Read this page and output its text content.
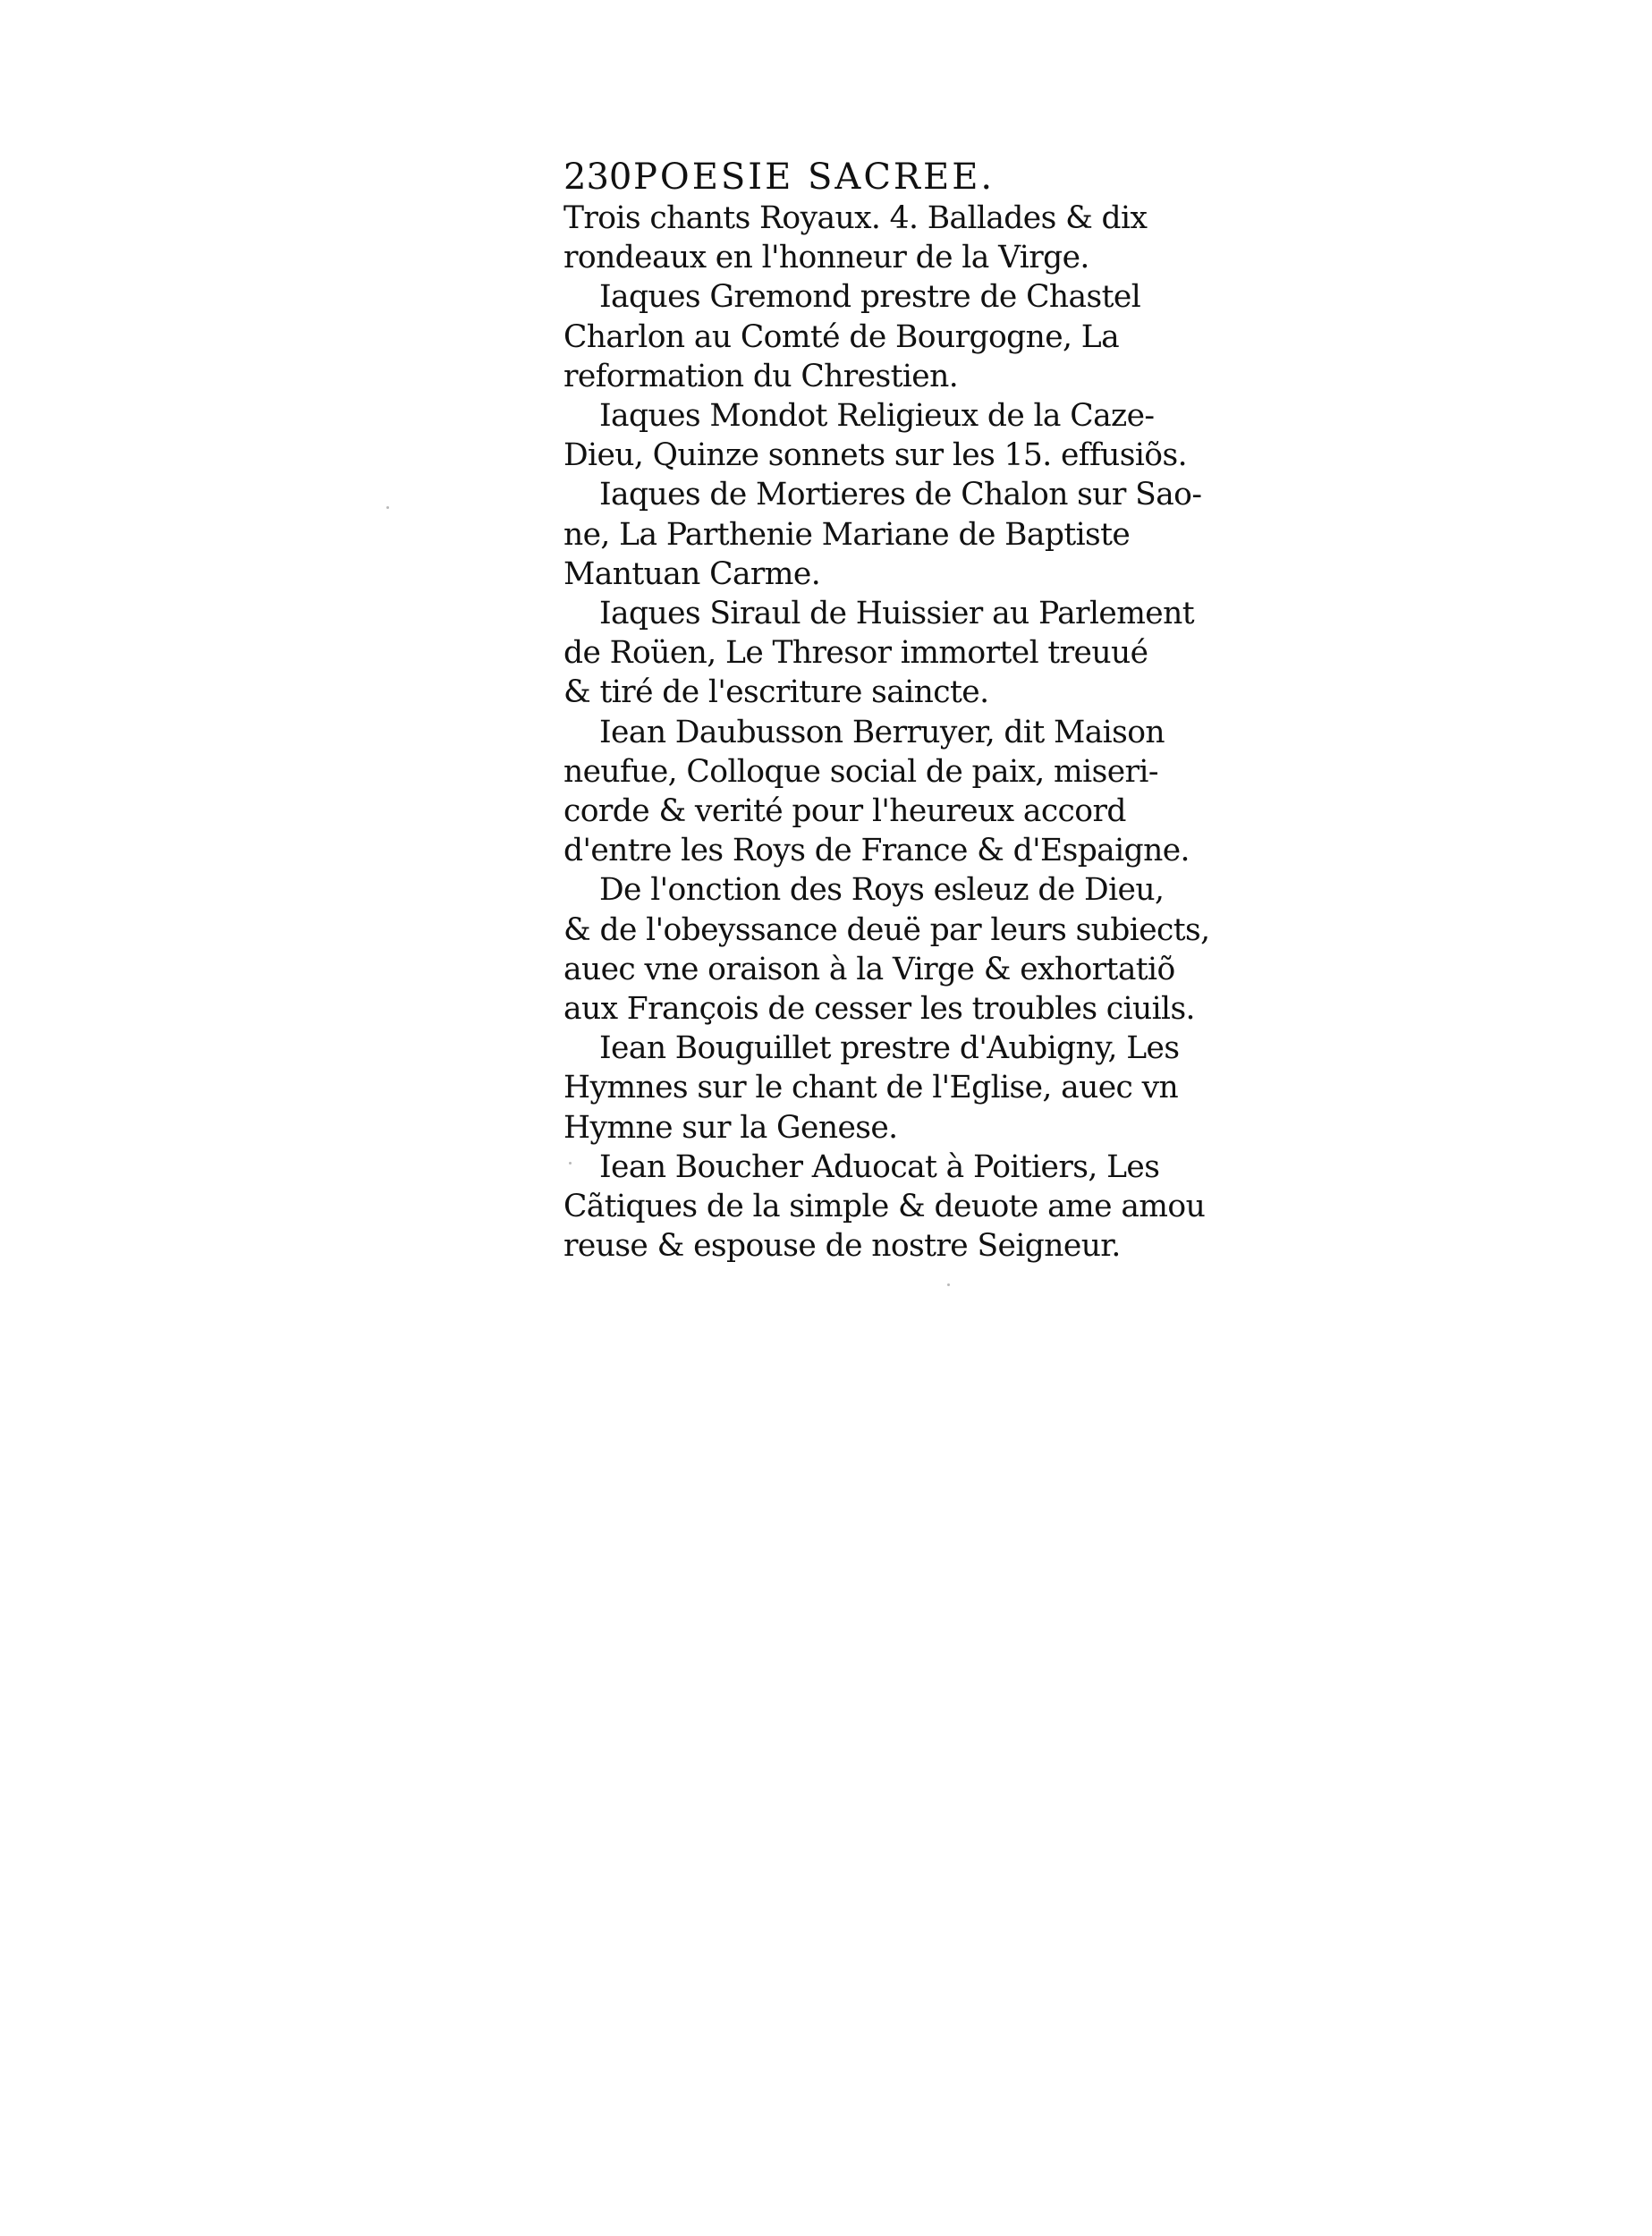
230POESIE SACREE.

Trois chants Royaux. 4. Ballades & dix
rondeaux en l'honneur de la Virge.

Iaques Gremond prestre de Chastel
Charlon au Comté de Bourgogne, La
reformation du Chrestien.

Iaques Mondot Religieux de la Caze-
Dieu, Quinze sonnets sur les 15. effusiõs.

Iaques de Mortieres de Chalon sur Sao-
ne, La Parthenie Mariane de Baptiste
Mantuan Carme.

Iaques Siraul de Huissier au Parlement
de Roüen, Le Thresor immortel treuué
& tiré de l'escriture saincte.

Iean Daubusson Berruyer, dit Maison
neufue, Colloque social de paix, miseri-
corde & verité pour l'heureux accord
d'entre les Roys de France & d'Espaigne.

De l'onction des Roys esleuz de Dieu,
& de l'obeyssance deuë par leurs subiects,
auec vne oraison à la Virge & exhortatiõ
aux François de cesser les troubles ciuils.

Iean Bouguillet prestre d'Aubigny, Les
Hymnes sur le chant de l'Eglise, auec vn
Hymne sur la Genese.

Iean Boucher Aduocat à Poitiers, Les
Cãtiques de la simple & deuote ame amou
reuse & espouse de nostre Seigneur.
